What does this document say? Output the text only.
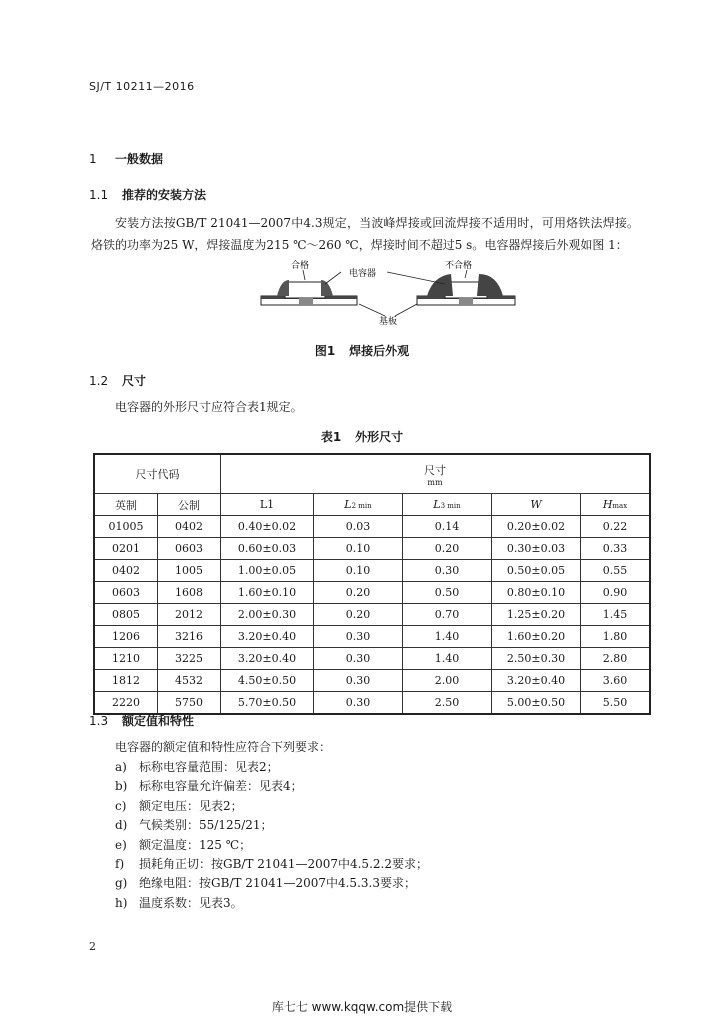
SJ/T 10211—2016
1 一般数据
1.1 推荐的安装方法
安装方法按GB/T 21041—2007中4.3规定，当波峰焊接或回流焊接不适用时，可用烙铁法焊接。烙铁的功率为25 W，焊接温度为215 ℃～260 ℃，焊接时间不超过5 s。电容器焊接后外观如图 1：
合格
电容器
不合格
基板
图1 焊接后外观
1.2 尺寸
电容器的外形尺寸应符合表1规定。
表1 外形尺寸
尺寸代码		尺寸
mm				

英制	公制	L1	L2 min	L3 min	W	Hmax
01005	0402	0.40±0.02	0.03	0.14	0.20±0.02	0.22
0201	0603	0.60±0.03	0.10	0.20	0.30±0.03	0.33
0402	1005	1.00±0.05	0.10	0.30	0.50±0.05	0.55
0603	1608	1.60±0.10	0.20	0.50	0.80±0.10	0.90
0805	2012	2.00±0.30	0.20	0.70	1.25±0.20	1.45
1206	3216	3.20±0.40	0.30	1.40	1.60±0.20	1.80
1210	3225	3.20±0.40	0.30	1.40	2.50±0.30	2.80
1812	4532	4.50±0.50	0.30	2.00	3.20±0.40	3.60
2220	5750	5.70±0.50	0.30	2.50	5.00±0.50	5.50
1.3 额定值和特性
电容器的额定值和特性应符合下列要求：
a) 标称电容量范围：见表2；
b) 标称电容量允许偏差：见表4；
c) 额定电压：见表2；
d) 气候类别：55/125/21；
e) 额定温度：125 ℃；
f) 损耗角正切：按GB/T 21041—2007中4.5.2.2要求；
g) 绝缘电阻：按GB/T 21041—2007中4.5.3.3要求；
h) 温度系数：见表3。
2
库七七 www.kqqw.com提供下载
